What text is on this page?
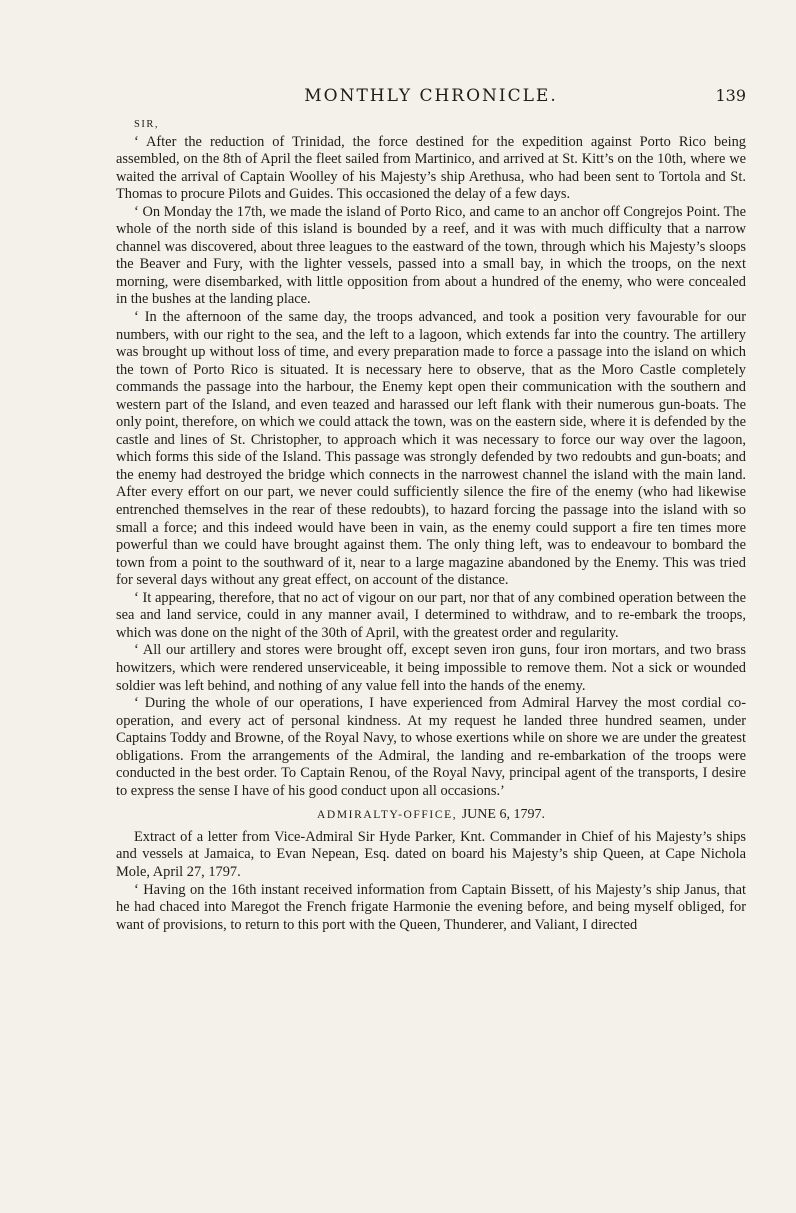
MONTHLY CHRONICLE.	139

SIR,

‘ After the reduction of Trinidad, the force destined for the expedition against Porto Rico being assembled, on the 8th of April the fleet sailed from Martinico, and arrived at St. Kitt’s on the 10th, where we waited the arrival of Captain Woolley of his Majesty’s ship Arethusa, who had been sent to Tortola and St. Thomas to procure Pilots and Guides. This occasioned the delay of a few days.

‘ On Monday the 17th, we made the island of Porto Rico, and came to an anchor off Congrejos Point. The whole of the north side of this island is bounded by a reef, and it was with much difficulty that a narrow channel was discovered, about three leagues to the eastward of the town, through which his Majesty’s sloops the Beaver and Fury, with the lighter vessels, passed into a small bay, in which the troops, on the next morning, were disembarked, with little opposition from about a hundred of the enemy, who were concealed in the bushes at the landing place.

‘ In the afternoon of the same day, the troops advanced, and took a position very favourable for our numbers, with our right to the sea, and the left to a lagoon, which extends far into the country. The artillery was brought up without loss of time, and every preparation made to force a passage into the island on which the town of Porto Rico is situated. It is necessary here to observe, that as the Moro Castle completely commands the passage into the harbour, the Enemy kept open their communication with the southern and western part of the Island, and even teazed and harassed our left flank with their numerous gun-boats. The only point, therefore, on which we could attack the town, was on the eastern side, where it is defended by the castle and lines of St. Christopher, to approach which it was necessary to force our way over the lagoon, which forms this side of the Island. This passage was strongly defended by two redoubts and gun-boats; and the enemy had destroyed the bridge which connects in the narrowest channel the island with the main land. After every effort on our part, we never could sufficiently silence the fire of the enemy (who had likewise entrenched themselves in the rear of these redoubts), to hazard forcing the passage into the island with so small a force; and this indeed would have been in vain, as the enemy could support a fire ten times more powerful than we could have brought against them. The only thing left, was to endeavour to bombard the town from a point to the southward of it, near to a large magazine abandoned by the Enemy. This was tried for several days without any great effect, on account of the distance.

‘ It appearing, therefore, that no act of vigour on our part, nor that of any combined operation between the sea and land service, could in any manner avail, I determined to withdraw, and to re-embark the troops, which was done on the night of the 30th of April, with the greatest order and regularity.

‘ All our artillery and stores were brought off, except seven iron guns, four iron mortars, and two brass howitzers, which were rendered unserviceable, it being impossible to remove them. Not a sick or wounded soldier was left behind, and nothing of any value fell into the hands of the enemy.

‘ During the whole of our operations, I have experienced from Admiral Harvey the most cordial co-operation, and every act of personal kindness. At my request he landed three hundred seamen, under Captains Toddy and Browne, of the Royal Navy, to whose exertions while on shore we are under the greatest obligations. From the arrangements of the Admiral, the landing and re-embarkation of the troops were conducted in the best order. To Captain Renou, of the Royal Navy, principal agent of the transports, I desire to express the sense I have of his good conduct upon all occasions.’

ADMIRALTY-OFFICE, JUNE 6, 1797.

Extract of a letter from Vice-Admiral Sir Hyde Parker, Knt. Commander in Chief of his Majesty’s ships and vessels at Jamaica, to Evan Nepean, Esq. dated on board his Majesty’s ship Queen, at Cape Nichola Mole, April 27, 1797.

‘ Having on the 16th instant received information from Captain Bissett, of his Majesty’s ship Janus, that he had chaced into Maregot the French frigate Harmonie the evening before, and being myself obliged, for want of provisions, to return to this port with the Queen, Thunderer, and Valiant, I directed
